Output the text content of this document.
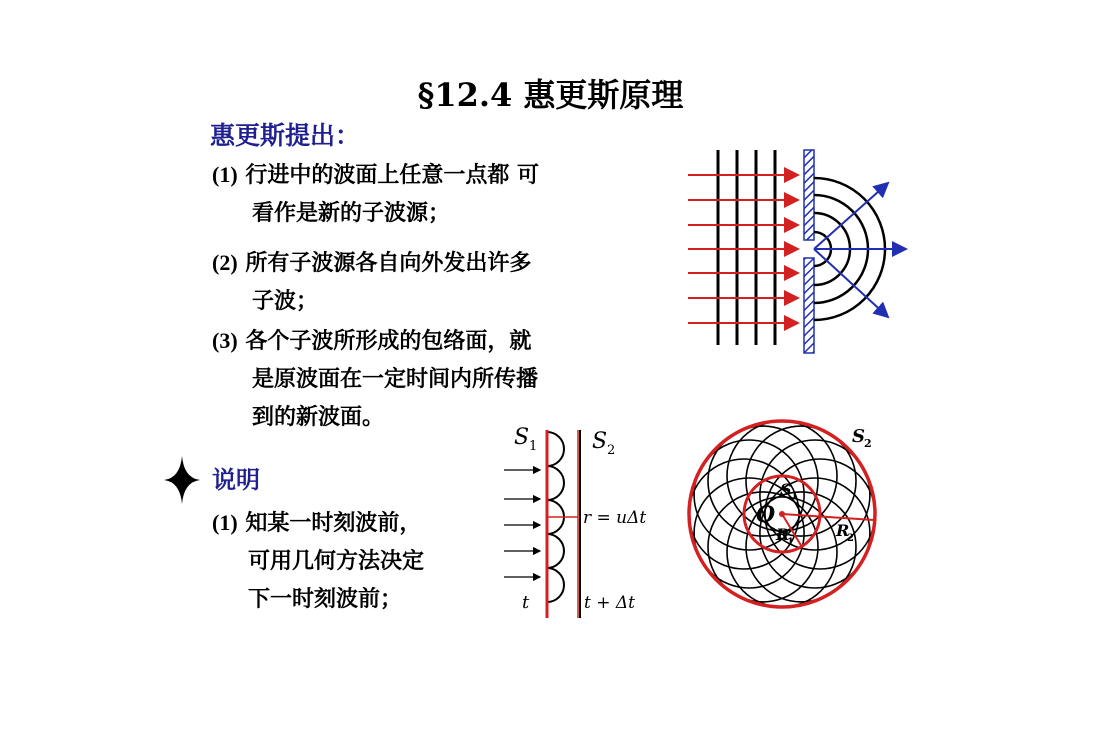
§12.4 惠更斯原理
惠更斯提出：
(1) 行进中的波面上任意一点都 可
看作是新的子波源；
(2) 所有子波源各自向外发出许多
子波；
(3) 各个子波所形成的包络面，就
是原波面在一定时间内所传播
到的新波面。
说明
(1) 知某一时刻波前，
可用几何方法决定
下一时刻波前；
S 1 S 2
r = uΔt
t	t + Δt
S 2
S 1
O
R
1
R
2
